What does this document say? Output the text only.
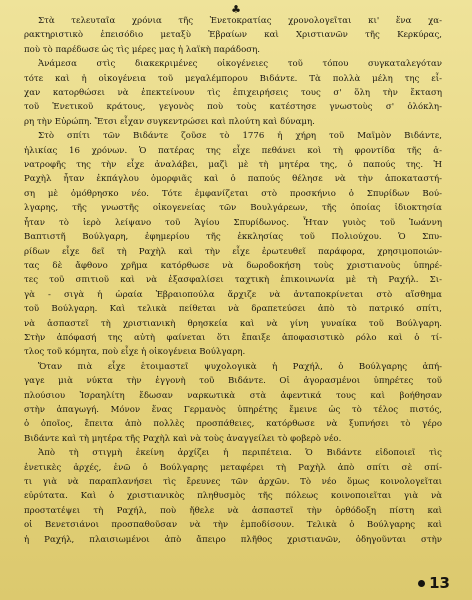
♣
Στὰ τελευταῖα χρόνια τῆς Ἑνετοκρατίας χρονολογεῖται κι' ἕνα χα-
ρακτηριστικὸ ἐπεισόδιο μεταξὺ Ἑβραίων καὶ Χριστιανῶν τῆς Κερκύρας,
ποὺ τὸ παρέδωσε ὡς τὶς μέρες μας ἡ λαϊκὴ παράδοση.
Ἀνάμεσα στὶς διακεκριμένες οἰκογένειες τοῦ τόπου συγκαταλεγόταν
τότε καὶ ἡ οἰκογένεια τοῦ μεγαλέμπορου Βιδάντε. Τὰ πολλὰ μέλη της εἶ-
χαν κατορθώσει νὰ ἐπεκτείνουν τὶς ἐπιχειρήσεις τους σ' ὅλη τὴν ἔκταση
τοῦ Ἑνετικοῦ κράτους, γεγονὸς ποὺ τοὺς κατέστησε γνωστοὺς σ' ὁλόκλη-
ρη τὴν Εὐρώπη. Ἔτσι εἶχαν συγκεντρώσει καὶ πλούτη καὶ δύναμη.
Στὸ σπίτι τῶν Βιδάντε ζοῦσε τὸ 1776 ἡ χήρη τοῦ Μαϊμὸν Βιδάντε,
ἡλικίας 16 χρόνων. Ὁ πατέρας της εἶχε πεθάνει κοὶ τὴ φροντίδα τῆς ἀ-
νατροφῆς της τὴν εἶχε ἀναλάβει, μαζὶ μὲ τὴ μητέρα της, ὁ παπούς της. Ἡ
Ραχὴλ ἦταν ἐκπάγλου ὀμορφιᾶς καὶ ὁ παπούς θέλησε νὰ τὴν ἀποκαταστή-
ση μὲ ὁμόθρησκο νέο. Τότε ἐμφανίζεται στὸ προσκήνιο ὁ Σπυρίδων Βού-
λγαρης, τῆς γνωστῆς οἰκογενείας τῶν Βουλγάρεων, τῆς ὁποίας ἰδιοκτησία
ἦταν τὸ ἱερὸ λείψανο τοῦ Ἁγίου Σπυρίδωνος. Ἦταν γυιὸς τοῦ Ἰωάννη
Βαπτιστῆ Βούλγαρη, ἐφημερίου τῆς ἐκκλησίας τοῦ Πολιούχου. Ὁ Σπυ-
ρίδων εἶχε δεῖ τὴ Ραχὴλ καὶ τὴν εἶχε ἐρωτευθεῖ παράφορα, χρησιμοποιών-
τας δὲ ἄφθονο χρῆμα κατόρθωσε νὰ δωροδοκήση τοὺς χριστιανοὺς ὑπηρέ-
τες τοῦ σπιτιοῦ καὶ νὰ ἐξασφαλίσει ταχτικὴ ἐπικοινωνία μὲ τὴ Ραχήλ. Σι-
γὰ - σιγὰ ἡ ὡραία Ἑβραιοπούλα ἄρχιζε νὰ ἀνταποκρίνεται στὸ αἴσθημα
τοῦ Βούλγαρη. Καὶ τελικὰ πείθεται νὰ δραπετεύσει ἀπὸ τὸ πατρικό σπίτι,
νὰ ἀσπαστεῖ τὴ χριστιανικὴ θρησκεία καὶ νὰ γίνη γυναίκα τοῦ Βούλγαρη.
Στὴν ἀπόφασή της αὐτὴ φαίνεται ὅτι ἔπαιξε ἀποφασιστικὸ ρόλο καὶ ὁ τί-
τλος τοῦ κόμητα, ποὺ εἶχε ἡ οἰκογένεια Βούλγαρη.
Ὅταν πιὰ εἶχε ἑτοιμαστεῖ ψυχολογικὰ ἡ Ραχήλ, ὁ Βούλγαρης ἀπή-
γαγε μιὰ νύκτα τὴν ἐγγονὴ τοῦ Βιδάντε. Οἱ ἀγορασμένοι ὑπηρέτες τοῦ
πλούσιου Ἰσραηλίτη ἔδωσαν ναρκωτικὰ στὰ ἀφεντικά τους καὶ βοήθησαν
στὴν ἀπαγωγή. Μόνον ἕνας Γερμανὸς ὑπηρέτης ἔμεινε ὡς τὸ τέλος πιστός,
ὁ ὁποῖος, ἔπειτα ἀπὸ πολλὲς προσπάθειες, κατόρθωσε νὰ ξυπνήσει τὸ γέρο
Βιδάντε καὶ τὴ μητέρα τῆς Ραχὴλ καὶ νὰ τοὺς ἀναγγείλει τὸ φοβερὸ νέο.
Ἀπὸ τὴ στιγμὴ ἐκείνη ἀρχίζει ἡ περιπέτεια. Ὁ Βιδάντε εἰδοποιεῖ τὶς
ἑνετικὲς ἀρχές, ἐνῶ ὁ Βούλγαρης μεταφέρει τὴ Ραχὴλ ἀπὸ σπίτι σὲ σπί-
τι γιὰ νὰ παραπλανήσει τὶς ἔρευνες τῶν ἀρχῶν. Τὸ νέο ὅμως κοινολογεῖται
εὐρύτατα. Καὶ ὁ χριστιανικὸς πληθυσμὸς τῆς πόλεως κοινοποιεῖται γιὰ νὰ
προστατέψει τὴ Ραχήλ, ποὺ ἤθελε νὰ ἀσπαστεῖ τὴν ὀρθόδοξη πίστη καὶ
οἱ Βενετσιάνοι προσπαθοῦσαν νὰ τὴν ἐμποδίσουν. Τελικὰ ὁ Βούλγαρης καὶ
ἡ Ραχήλ, πλαισιωμένοι ἀπὸ ἄπειρο πλῆθος χριστιανῶν, ὁδηγοῦνται στὴν
13
